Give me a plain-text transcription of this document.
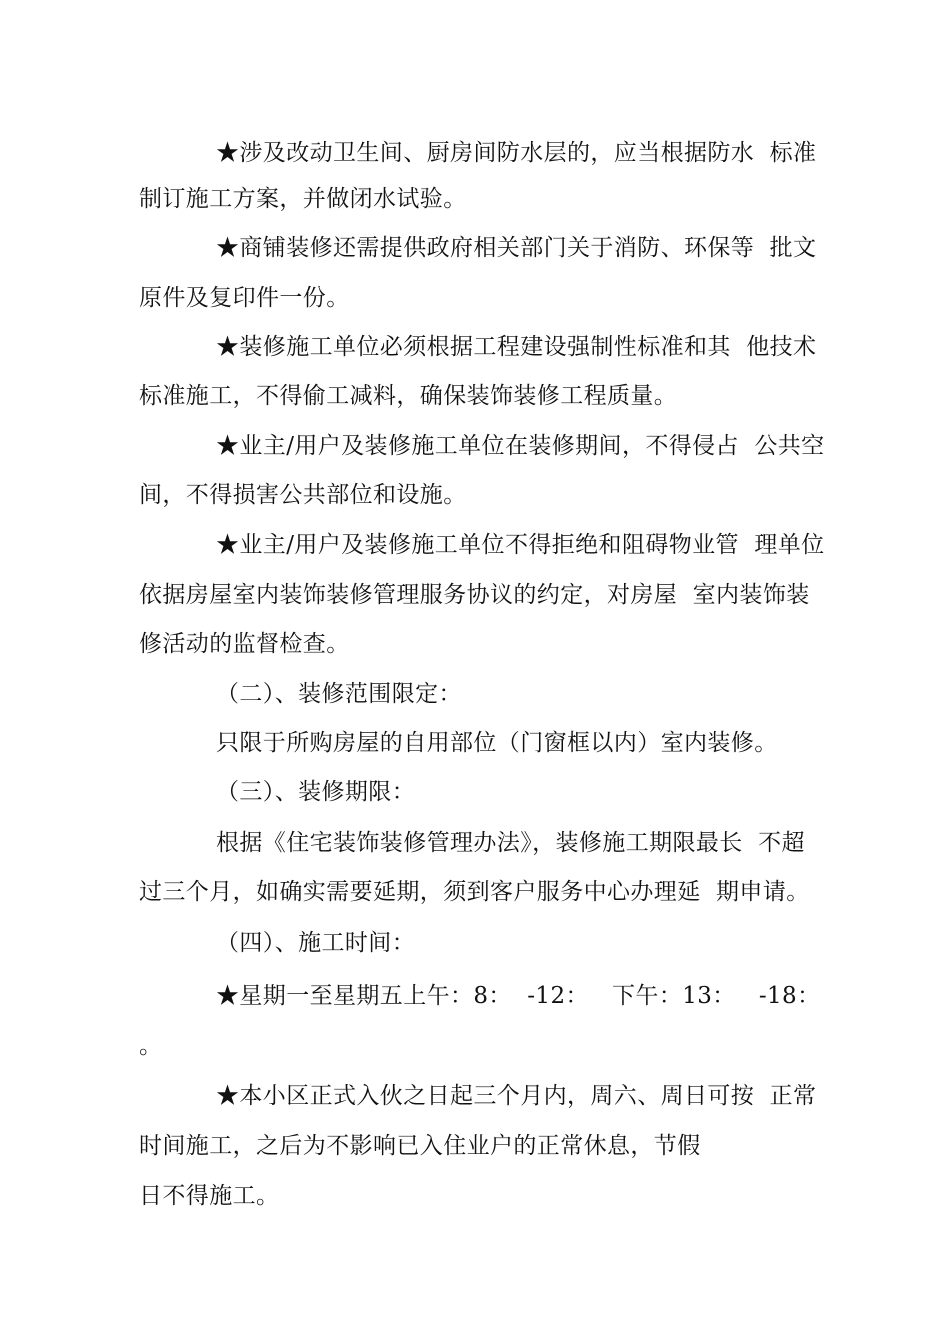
★涉及改动卫生间、厨房间防水层的，应当根据防水  标准
制订施工方案，并做闭水试验。
★商铺装修还需提供政府相关部门关于消防、环保等  批文
原件及复印件一份。
★装修施工单位必须根据工程建设强制性标准和其  他技术
标准施工，不得偷工减料，确保装饰装修工程质量。
★业主/用户及装修施工单位在装修期间，不得侵占  公共空
间，不得损害公共部位和设施。
★业主/用户及装修施工单位不得拒绝和阻碍物业管  理单位
依据房屋室内装饰装修管理服务协议的约定，对房屋  室内装饰装
修活动的监督检查。
（二）、装修范围限定：
只限于所购房屋的自用部位（门窗框以内）室内装修。
（三）、装修期限：
根据《住宅装饰装修管理办法》，装修施工期限最长  不超
过三个月，如确实需要延期，须到客户服务中心办理延  期申请。
（四）、施工时间：
★星期一至星期五上午：8：  -12：   下午：13：   -18：
。
★本小区正式入伙之日起三个月内，周六、周日可按  正常
时间施工，之后为不影响已入住业户的正常休息，节假
日不得施工。
